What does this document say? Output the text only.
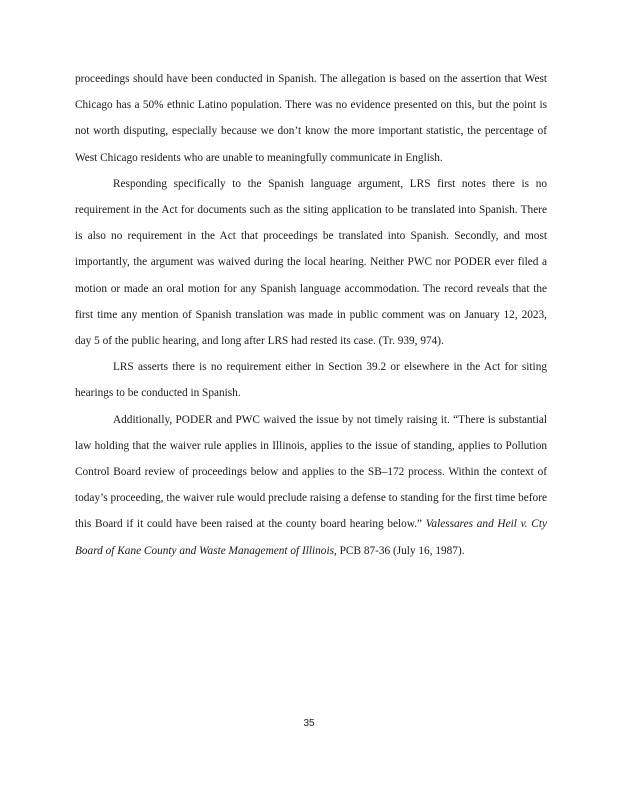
proceedings should have been conducted in Spanish. The allegation is based on the assertion that West Chicago has a 50% ethnic Latino population. There was no evidence presented on this, but the point is not worth disputing, especially because we don’t know the more important statistic, the percentage of West Chicago residents who are unable to meaningfully communicate in English.

Responding specifically to the Spanish language argument, LRS first notes there is no requirement in the Act for documents such as the siting application to be translated into Spanish. There is also no requirement in the Act that proceedings be translated into Spanish. Secondly, and most importantly, the argument was waived during the local hearing. Neither PWC nor PODER ever filed a motion or made an oral motion for any Spanish language accommodation. The record reveals that the first time any mention of Spanish translation was made in public comment was on January 12, 2023, day 5 of the public hearing, and long after LRS had rested its case. (Tr. 939, 974).

LRS asserts there is no requirement either in Section 39.2 or elsewhere in the Act for siting hearings to be conducted in Spanish.

Additionally, PODER and PWC waived the issue by not timely raising it. “There is substantial law holding that the waiver rule applies in Illinois, applies to the issue of standing, applies to Pollution Control Board review of proceedings below and applies to the SB–172 process. Within the context of today’s proceeding, the waiver rule would preclude raising a defense to standing for the first time before this Board if it could have been raised at the county board hearing below.” Valessares and Heil v. Cty Board of Kane County and Waste Management of Illinois, PCB 87-36 (July 16, 1987).

35
